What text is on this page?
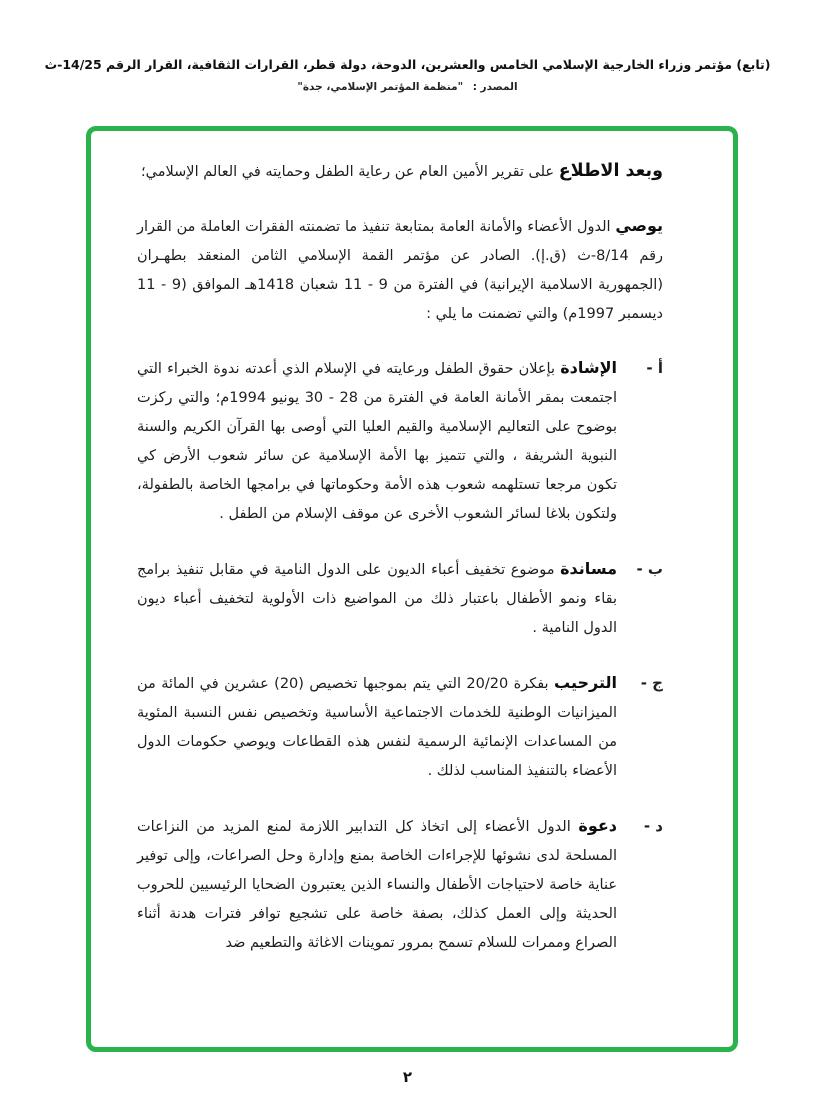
(تابع) مؤتمر وزراء الخارجية الإسلامي الخامس والعشرين، الدوحة، دولة قطر، القرارات الثقافية، القرار الرقم 14/25-ث
المصدر : "منظمة المؤتمر الإسلامي، جدة"

وبعد الاطلاع على تقرير الأمين العام عن رعاية الطفل وحمايته في العالم الإسلامي؛

يوصي الدول الأعضاء والأمانة العامة بمتابعة تنفيذ ما تضمنته الفقرات العاملة من القرار رقم 8/14-ث (ق.إ). الصادر عن مؤتمر القمة الإسلامي الثامن المنعقد بطهـران (الجمهورية الاسلامية الإيرانية) في الفترة من 9 - 11 شعبان 1418هـ الموافق (9 - 11 ديسمبر 1997م) والتي تضمنت ما يلي :

أ -
الإشادة بإعلان حقوق الطفل ورعايته في الإسلام الذي أعدته ندوة الخبراء التي اجتمعت بمقر الأمانة العامة في الفترة من 28 - 30 يونيو 1994م؛ والتي ركزت بوضوح على التعاليم الإسلامية والقيم العليا التي أوصى بها القرآن الكريم والسنة النبوية الشريفة ، والتي تتميز بها الأمة الإسلامية عن سائر شعوب الأرض كي تكون مرجعا تستلهمه شعوب هذه الأمة وحكوماتها في برامجها الخاصة بالطفولة، ولتكون بلاغا لسائر الشعوب الأخرى عن موقف الإسلام من الطفل .
ب -
مساندة موضوع تخفيف أعباء الديون على الدول النامية في مقابل تنفيذ برامج بقاء ونمو الأطفال باعتبار ذلك من المواضيع ذات الأولوية لتخفيف أعباء ديون الدول النامية .
ج -
الترحيب بفكرة 20/20 التي يتم بموجبها تخصيص (20) عشرين في المائة من الميزانيات الوطنية للخدمات الاجتماعية الأساسية وتخصيص نفس النسبة المئوية من المساعدات الإنمائية الرسمية لنفس هذه القطاعات ويوصي حكومات الدول الأعضاء بالتنفيذ المناسب لذلك .
د -
دعوة الدول الأعضاء إلى اتخاذ كل التدابير اللازمة لمنع المزيد من النزاعات المسلحة لدى نشوئها للإجراءات الخاصة بمنع وإدارة وحل الصراعات، وإلى توفير عناية خاصة لاحتياجات الأطفال والنساء الذين يعتبرون الضحايا الرئيسيين للحروب الحديثة وإلى العمل كذلك، بصفة خاصة على تشجيع توافر فترات هدنة أثناء الصراع وممرات للسلام تسمح بمرور تموينات الاغاثة والتطعيم ضد
٢
